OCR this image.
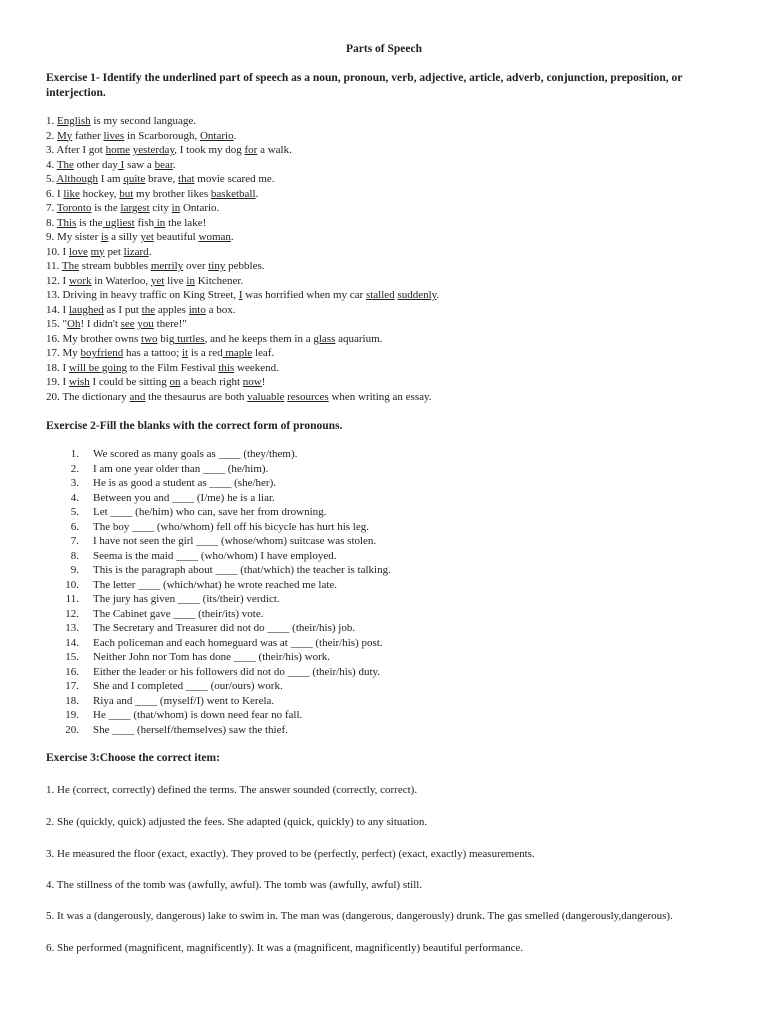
Parts of Speech
Exercise 1- Identify the underlined part of speech as a noun, pronoun, verb, adjective, article, adverb, conjunction, preposition, or
interjection.
1. English is my second language.
2. My father lives in Scarborough, Ontario.
3. After I got home yesterday, I took my dog for a walk.
4. The other day I saw a bear.
5. Although I am quite brave, that movie scared me.
6. I like hockey, but my brother likes basketball.
7. Toronto is the largest city in Ontario.
8. This is the ugliest fish in the lake!
9. My sister is a silly yet beautiful woman.
10. I love my pet lizard.
11. The stream bubbles merrily over tiny pebbles.
12. I work in Waterloo, yet live in Kitchener.
13. Driving in heavy traffic on King Street, I was horrified when my car stalled suddenly.
14. I laughed as I put the apples into a box.
15. "Oh! I didn't see you there!"
16. My brother owns two big turtles, and he keeps them in a glass aquarium.
17. My boyfriend has a tattoo; it is a red maple leaf.
18. I will be going to the Film Festival this weekend.
19. I wish I could be sitting on a beach right now!
20. The dictionary and the thesaurus are both valuable resources when writing an essay.
Exercise 2-Fill the blanks with the correct form of pronouns.
1. We scored as many goals as ____ (they/them).
2. I am one year older than ____ (he/him).
3. He is as good a student as ____ (she/her).
4. Between you and ____ (I/me) he is a liar.
5. Let ____ (he/him) who can, save her from drowning.
6. The boy ____ (who/whom) fell off his bicycle has hurt his leg.
7. I have not seen the girl ____ (whose/whom) suitcase was stolen.
8. Seema is the maid ____ (who/whom) I have employed.
9. This is the paragraph about ____ (that/which) the teacher is talking.
10. The letter ____ (which/what) he wrote reached me late.
11. The jury has given ____ (its/their) verdict.
12. The Cabinet gave ____ (their/its) vote.
13. The Secretary and Treasurer did not do ____ (their/his) job.
14. Each policeman and each homeguard was at ____ (their/his) post.
15. Neither John nor Tom has done ____ (their/his) work.
16. Either the leader or his followers did not do ____ (their/his) duty.
17. She and I completed ____ (our/ours) work.
18. Riya and ____ (myself/I) went to Kerela.
19. He ____ (that/whom) is down need fear no fall.
20. She ____ (herself/themselves) saw the thief.
Exercise 3:Choose the correct item:
1. He (correct, correctly) defined the terms. The answer sounded (correctly, correct).
2. She (quickly, quick) adjusted the fees. She adapted (quick, quickly) to any situation.
3. He measured the floor (exact, exactly). They proved to be (perfectly, perfect) (exact, exactly) measurements.
4. The stillness of the tomb was (awfully, awful). The tomb was (awfully, awful) still.
5. It was a (dangerously, dangerous) lake to swim in. The man was (dangerous, dangerously) drunk. The gas smelled (dangerously,dangerous).
6. She performed (magnificent, magnificently). It was a (magnificent, magnificently) beautiful performance.
